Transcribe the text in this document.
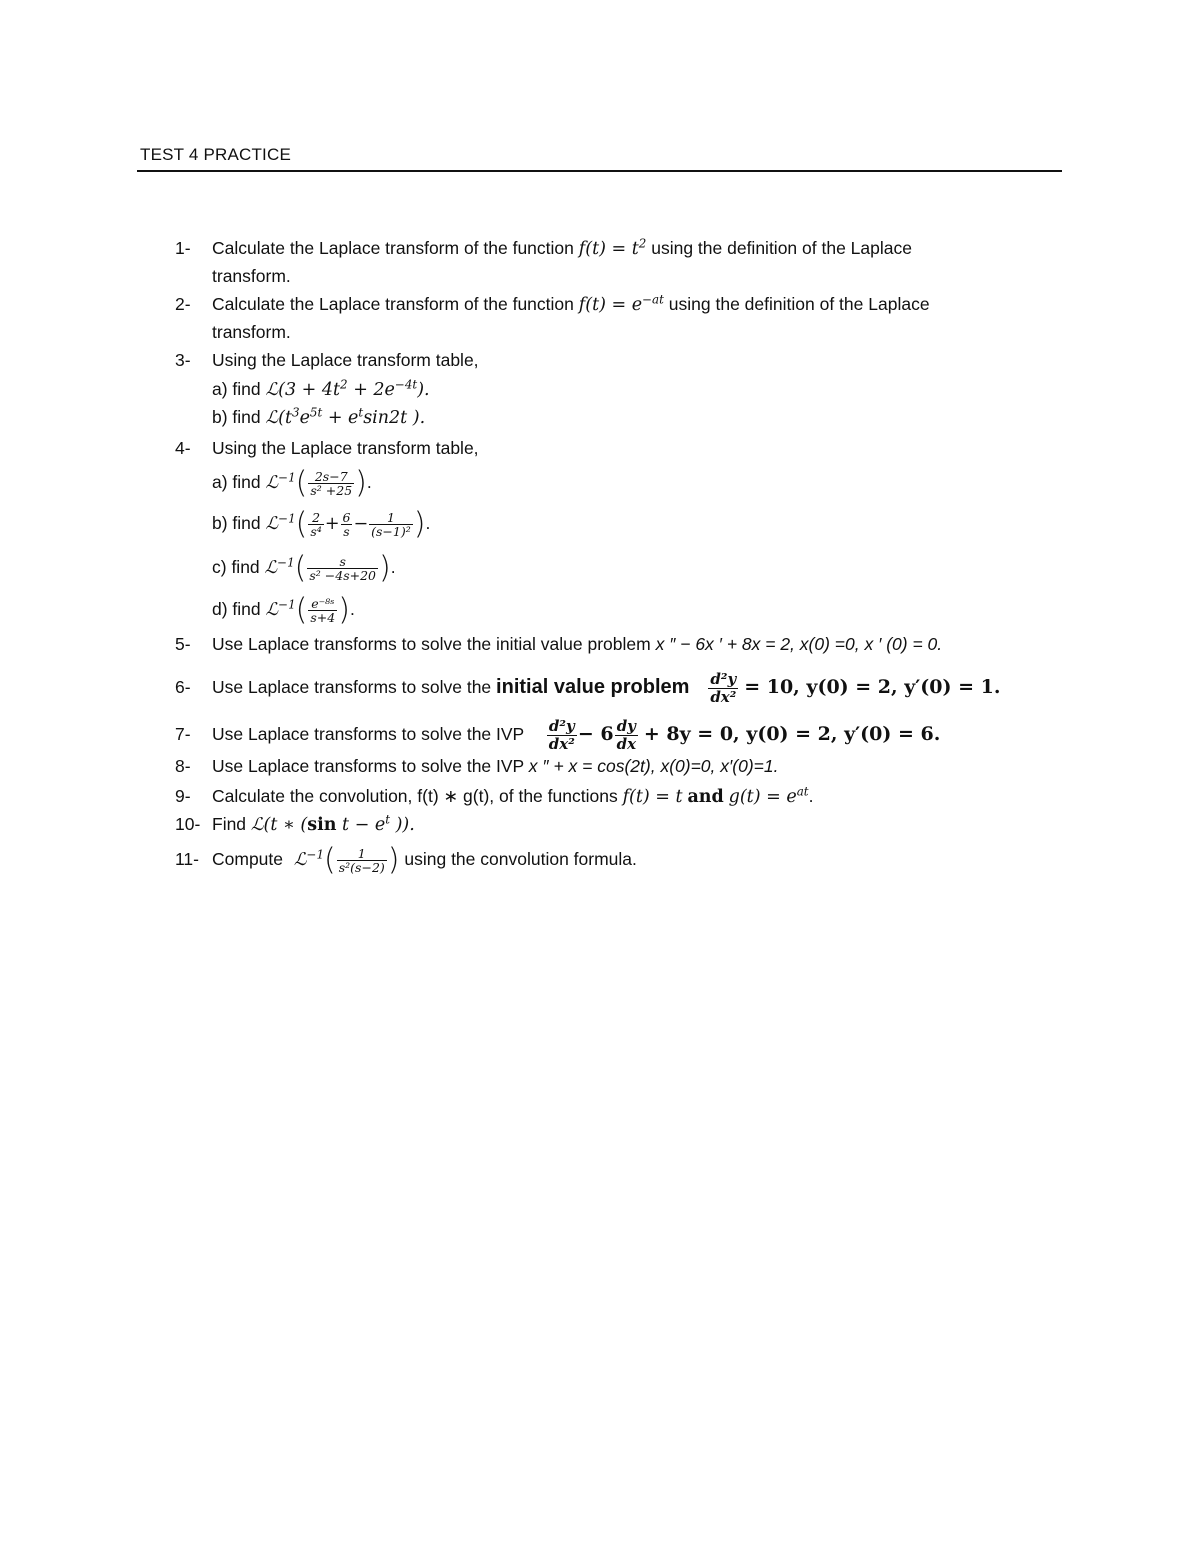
TEST 4 PRACTICE
1- Calculate the Laplace transform of the function $f(t) = t^2$ using the definition of the Laplace
transform.
2- Calculate the Laplace transform of the function $f(t) = e^{-at}$ using the definition of the Laplace
transform.
3- Using the Laplace transform table,
a) find ℒ(3 + $4t^2 + 2e^{-4t}$).
b) find $ℒ(t^3e^{5t} + e^t\sin 2t$ ).
4- Using the Laplace transform table,
a) find ℒ$^{-1}$( $\frac{2s-7}{\text{s² +25}}$ ).
b) find ℒ$^{-1}$( $\frac{2}{\text{s⁴}} + \frac{6}{s} - \frac{1}{\text{(s−1)²}}$ ).
c) find ℒ$^{-1}$( $\frac{s}{\text{s² −4s+20}}$ ).
d) find ℒ$^{-1}$( $\frac{\text{e⁻⁸ˢ}}{s+4}$ ).
5- Use Laplace transforms to solve the initial value problem x ″ − 6x ′ + 8x = 2, x(0) =0, x ′ (0) = 0.
6- Use Laplace transforms to solve the initial value problem $\frac{\text{d²y}}{\text{dx²}} = 10$, y(0) = 2, y′(0) = 1.
7- Use Laplace transforms to solve the IVP $\frac{\text{d²y}}{\text{dx²}} - 6 \frac{dy}{dx} + 8y = 0$, y(0) = 2, y′(0) = 6.
8- Use Laplace transforms to solve the IVP x ″ + x = cos(2t), x(0)=0, x′(0)=1.
9- Calculate the convolution, f(t) ∗ g(t), of the functions f(t) = t and $g(t) = e^{at}$.
10- Find ℒ(t ∗ (sin $t - e^t$ )).
11- Compute ℒ$^{-1}$( $\frac{1}{\text{s²(s−2)}}$ ) using the convolution formula.
